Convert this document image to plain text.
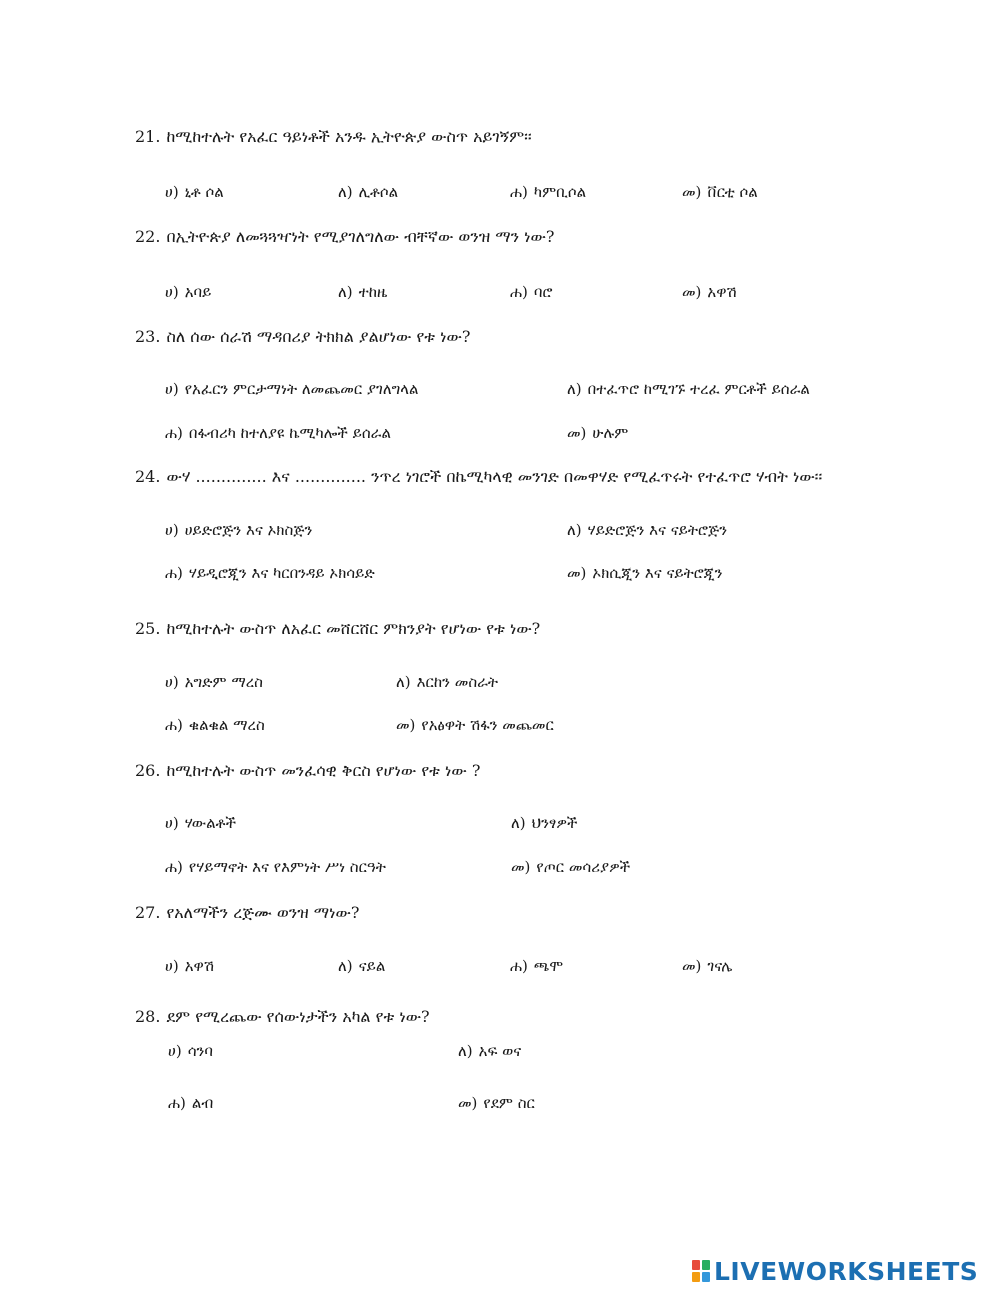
21. ከሚከተሉት የአፈር ዓይነቶች አንዱ ኢትዮጵያ ውስጥ አይገኝም፡፡
ሀ) ኒቶ ሶል	ለ) ሊቶሶል	ሐ) ካምቢሶል	መ) ቨርቲ ሶል
22. በኢትዮጵያ ለመጓጓዣነት የሚያገለግለው ብቸኛው ወንዝ ማን ነው?
ሀ) አባይ	ለ) ተከዜ	ሐ) ባሮ	መ) አዋሽ
23. ስለ ሰው ሰራሽ ማዳበሪያ ትክክል ያልሆነው የቱ ነው?
ሀ) የአፈርን ምርታማነት ለመጨመር ያገለግላል	ለ) በተፈጥሮ ከሚገኙ ተረፈ ምርቶች ይሰራል
ሐ) በፋብሪካ ከተለያዩ ኬሚካሎች ይሰራል	መ) ሁሉም
24. ውሃ .............. እና .............. ንጥረ ነገሮች በኬሚካላዊ መንገድ በመዋሃድ የሚፈጥሩት የተፈጥሮ ሃብት ነው፡፡
ሀ) ሀይድሮጅን እና ኦክስጅን	ለ) ሃይድሮጅን እና ናይትሮጅን
ሐ) ሃይዲሮጂን እና ካርበንዳይ ኦክሳይድ	መ) ኦክሲጂን እና ናይትሮጂን
25. ከሚከተሉት ውስጥ ለአፈር መሸርሸር ምክንያት የሆነው የቱ ነው?
ሀ) አግድም ማረስ	ለ) እርከን መስራት
ሐ) ቁልቁል ማረስ	መ) የአፅዋት ሽፋን መጨመር
26. ከሚከተሉት ውስጥ መንፈሳዊ ቅርስ የሆነው የቱ ነው ?
ሀ) ሃውልቶች	ለ) ህንፃዎች
ሐ) የሃይማኖት እና የእምነት ሥነ ስርዓት	መ) የጦር መሳሪያዎች
27. የአለማችን ረጅሙ ወንዝ ማነው?
ሀ) አዋሽ	ለ) ናይል	ሐ) ጫሞ	መ) ገናሌ
28. ደም የሚረጨው የሰውነታችን አካል የቱ ነው?
ሀ) ሳንባ	ለ) አፍ ወና
ሐ) ልብ	መ) የደም ስር
LIVEWORKSHEETS
